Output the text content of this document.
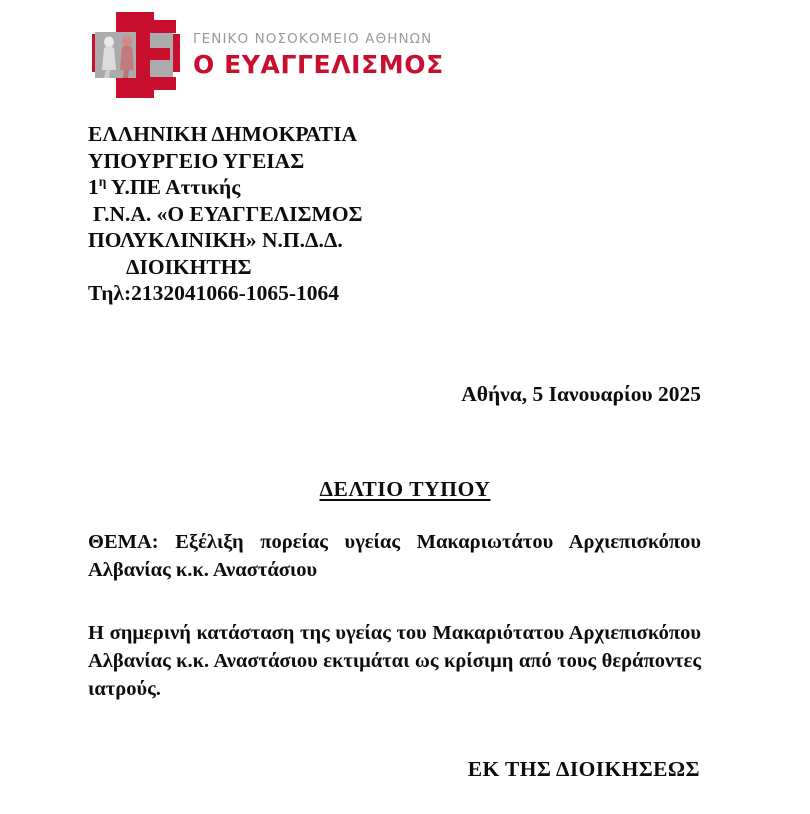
ΓΕΝΙΚΟ ΝΟΣΟΚΟΜΕΙΟ ΑΘΗΝΩΝ
Ο ΕΥΑΓΓΕΛΙΣΜΟΣ
ΕΛΛΗΝΙΚΗ ΔΗΜΟΚΡΑΤΙΑ
ΥΠΟΥΡΓΕΙΟ ΥΓΕΙΑΣ
$1^\eta$ Υ.ΠΕ Αττικής
Γ.Ν.Α. «Ο ΕΥΑΓΓΕΛΙΣΜΟΣ
ΠΟΛΥΚΛΙΝΙΚΗ» Ν.Π.Δ.Δ.
ΔΙΟΙΚΗΤΗΣ
Τηλ:2132041066-1065-1064
Αθήνα, 5 Ιανουαρίου 2025
ΔΕΛΤΙΟ ΤΥΠΟΥ
ΘΕΜΑ: Εξέλιξη πορείας υγείας Μακαριωτάτου Αρχιεπισκόπου Αλβανίας κ.κ. Αναστάσιου
Η σημερινή κατάσταση της υγείας του Μακαριότατου Αρχιεπισκόπου Αλβανίας κ.κ. Αναστάσιου εκτιμάται ως κρίσιμη από τους θεράποντες ιατρούς.
ΕΚ ΤΗΣ ΔΙΟΙΚΗΣΕΩΣ
